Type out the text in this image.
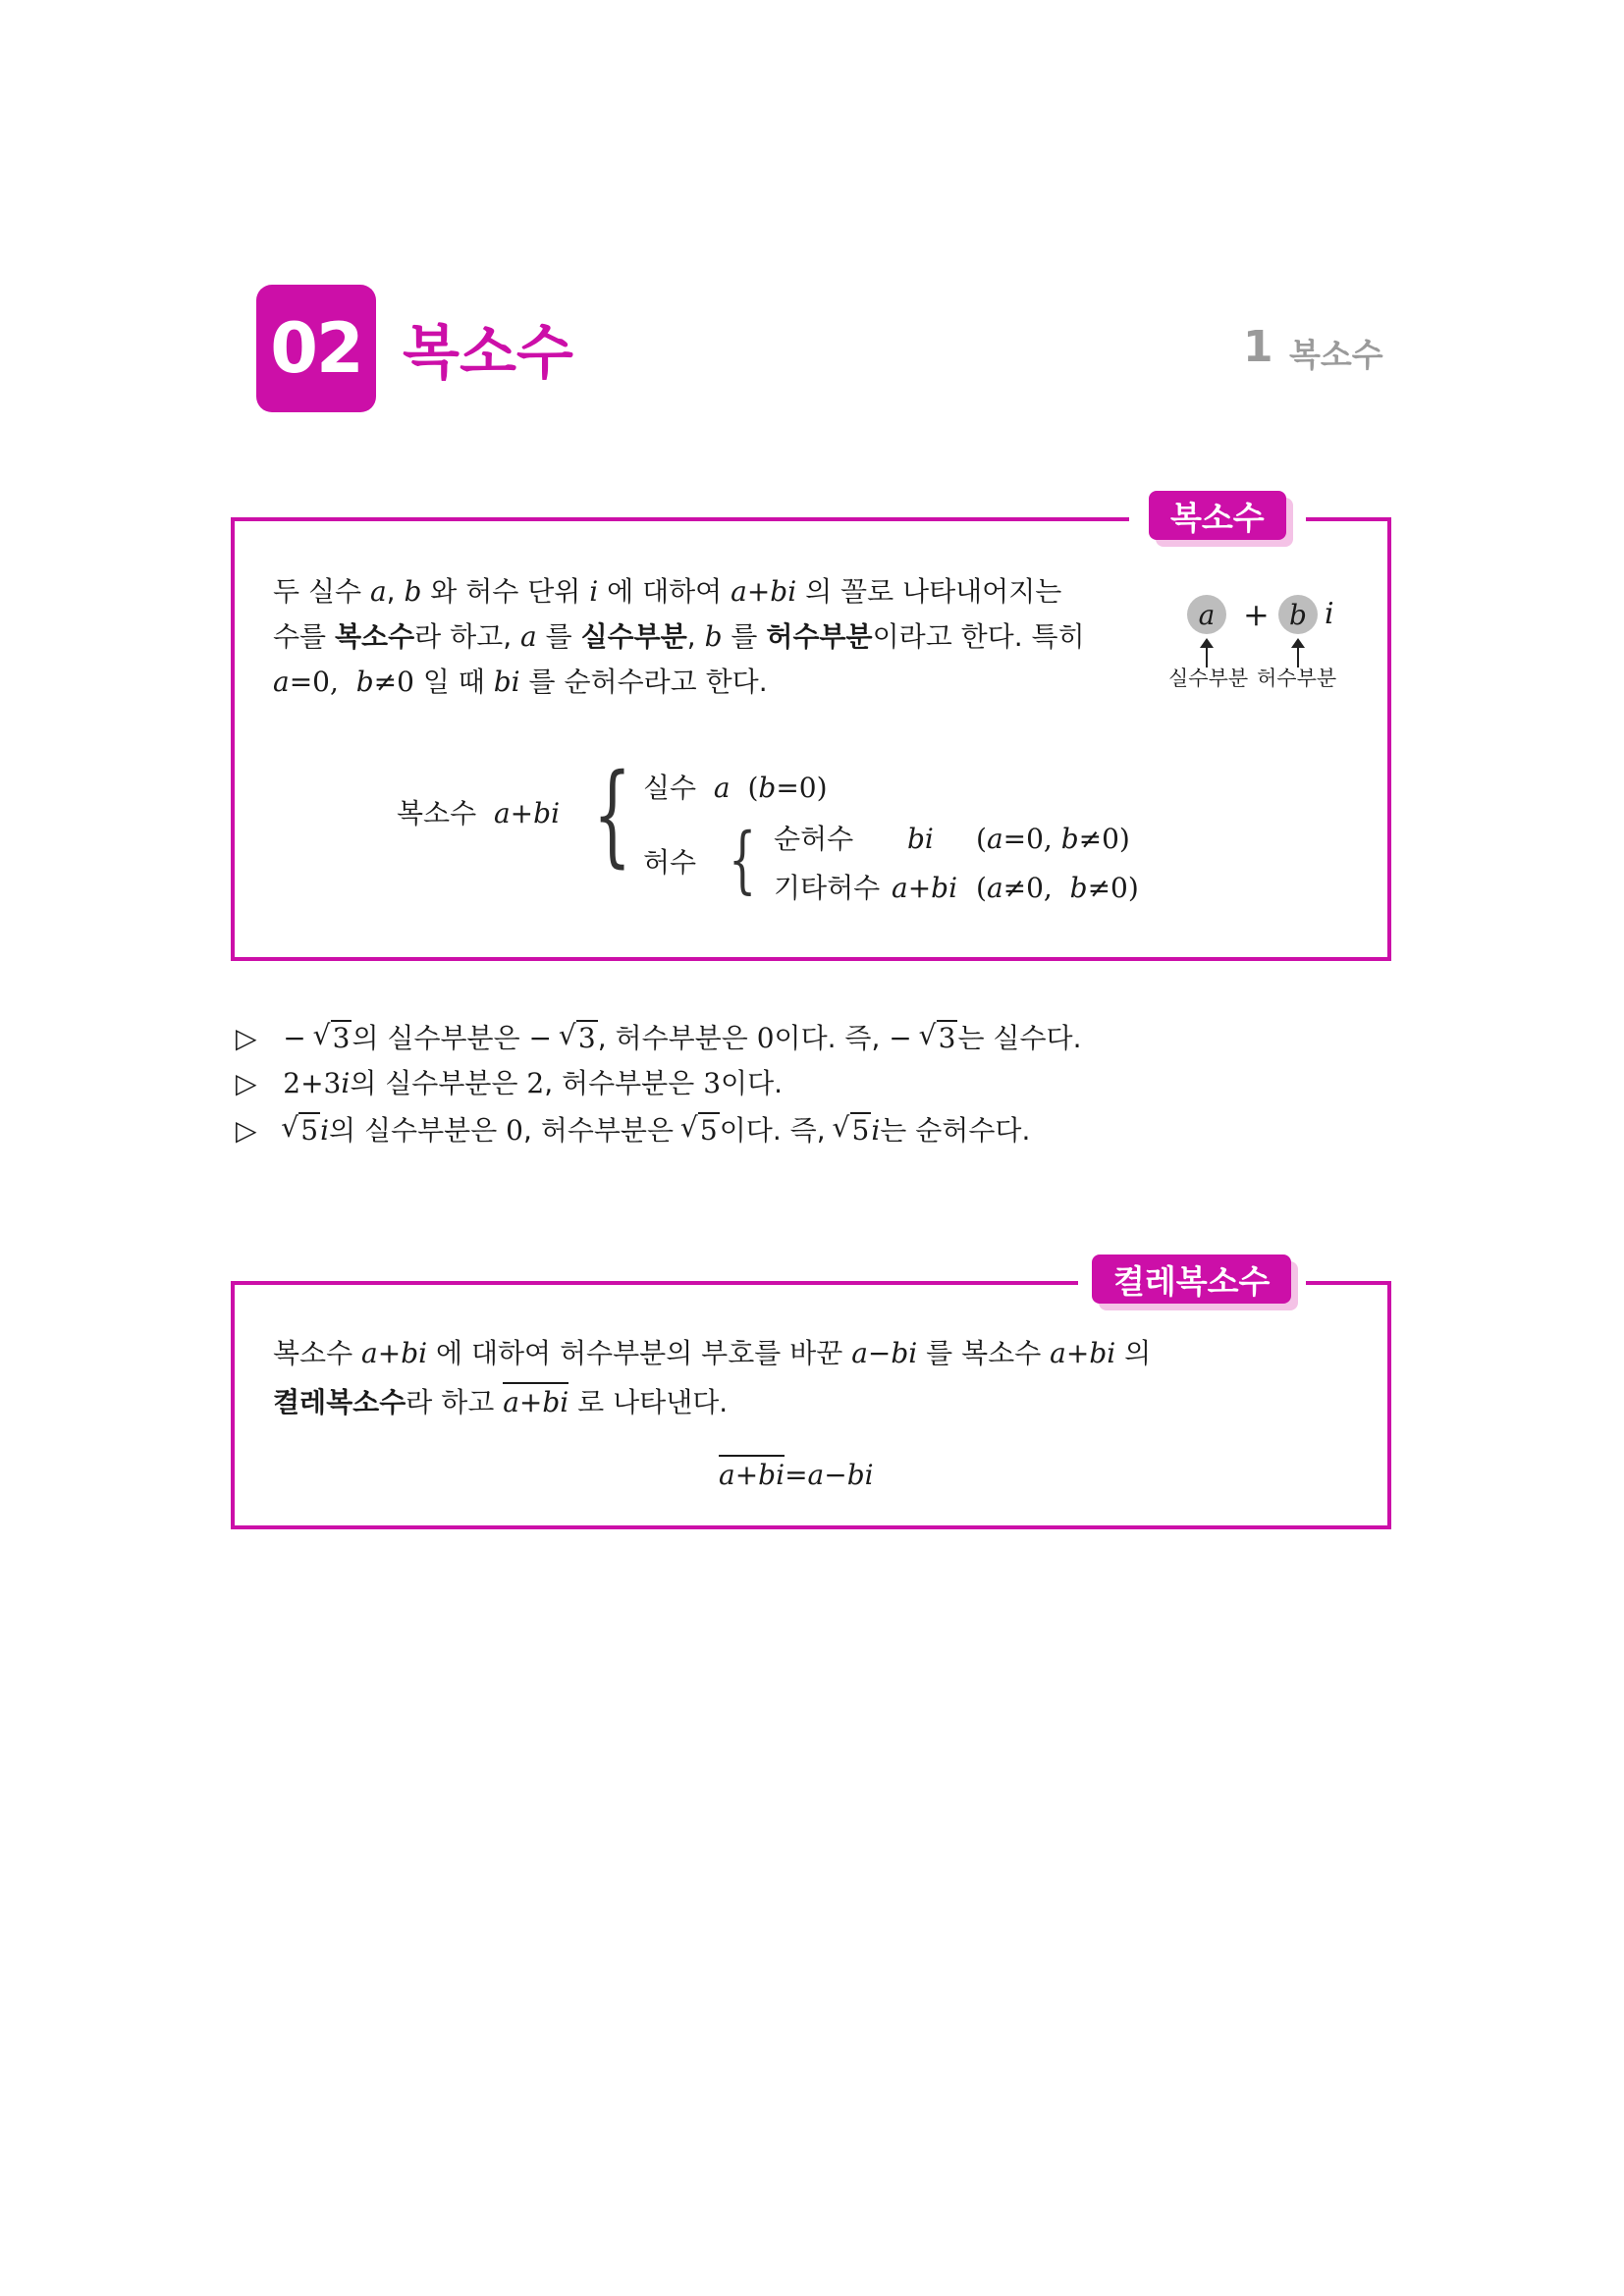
02 복소수	1 복소수
복소수
두 실수 a, b 와 허수 단위 i 에 대하여 a+bi 의 꼴로 나타내어지는
수를 복소수라 하고, a 를 실수부분, b 를 허수부분이라고 한다. 특히
a=0, b≠0 일 때 bi 를 순허수라고 한다.
a + b i
실수부분 허수부분
복소수 a+bi { 실수 a (b=0)
허수 { 순허수 bi (a=0, b≠0)
기타허수 a+bi (a≠0,  b≠0)
▷ − √ 3의 실수부분은 − √ 3, 허수부분은 0이다. 즉, − √ 3는 실수다.
▷ 2+3i의 실수부분은 2, 허수부분은 3이다.
▷ √ 5i의 실수부분은 0, 허수부분은 √ 5이다. 즉, √ 5i는 순허수다.
켤레복소수
복소수 a+bi 에 대하여 허수부분의 부호를 바꾼 a−bi 를 복소수 a+bi 의
켤레복소수라 하고 a+bi 로 나타낸다.
a+bi=a−bi
